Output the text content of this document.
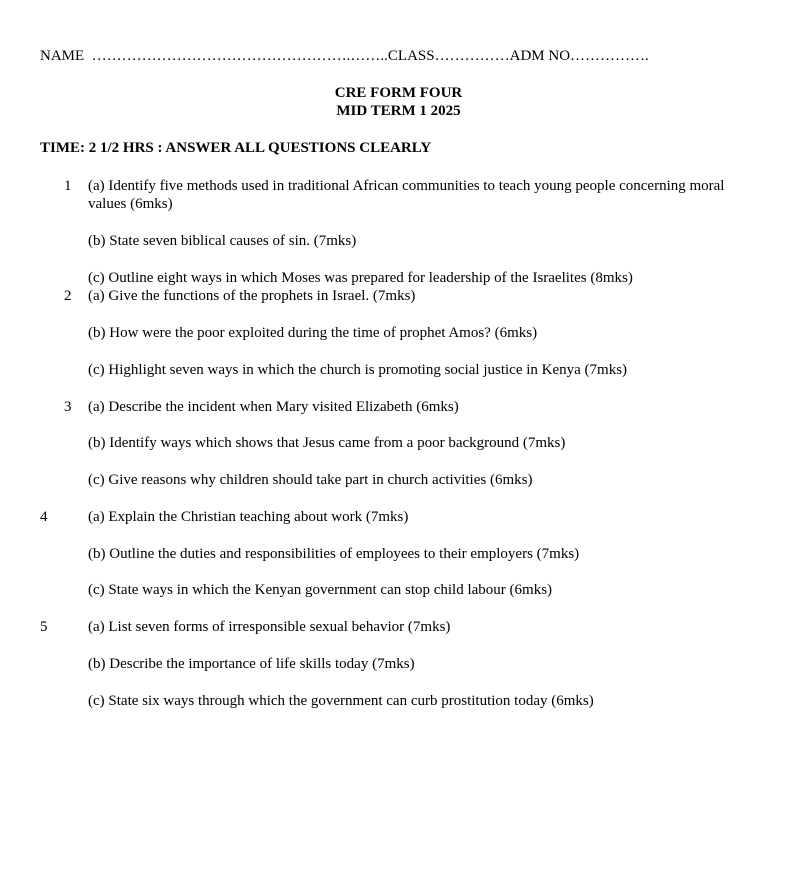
NAME  …………………………………………….……..CLASS……………ADM NO…………….
CRE FORM FOUR
MID TERM 1 2025
TIME: 2 1/2 HRS : ANSWER ALL QUESTIONS CLEARLY
1 (a) Identify five methods used in traditional African communities to teach young people concerning moral values (6mks)
(b) State seven biblical causes of sin. (7mks)
(c) Outline eight ways in which Moses was prepared for leadership of the Israelites (8mks)
2 (a) Give the functions of the prophets in Israel. (7mks)
(b) How were the poor exploited during the time of prophet Amos? (6mks)
(c) Highlight seven ways in which the church is promoting social justice in Kenya (7mks)
3 (a) Describe the incident when Mary visited Elizabeth (6mks)
(b) Identify ways which shows that Jesus came from a poor background (7mks)
(c) Give reasons why children should take part in church activities (6mks)
4	(a) Explain the Christian teaching about work (7mks)
(b) Outline the duties and responsibilities of employees to their employers (7mks)
(c) State ways in which the Kenyan government can stop child labour (6mks)
5	(a) List seven forms of irresponsible sexual behavior (7mks)
(b) Describe the importance of life skills today (7mks)
(c) State six ways through which the government can curb prostitution today (6mks)
